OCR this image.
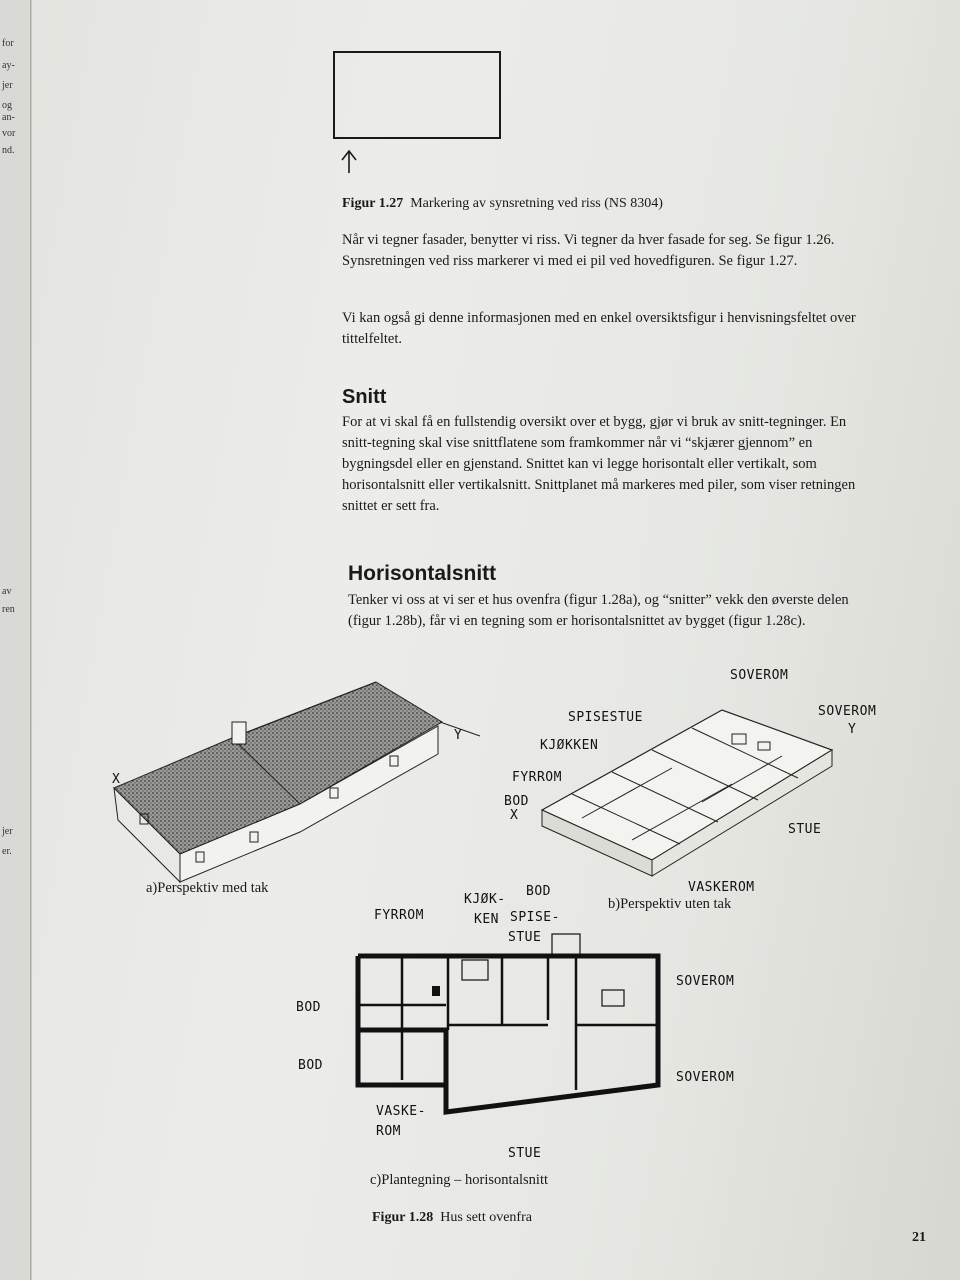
for
ay-
jer
og
an-
vor
nd.
av
ren
jer
er.
Figur 1.27 Markering av synsretning ved riss (NS 8304)
Når vi tegner fasader, benytter vi riss. Vi tegner da hver fasade for seg. Se figur 1.26. Synsretningen ved riss markerer vi med ei pil ved hovedfiguren. Se figur 1.27.
Vi kan også gi denne informasjonen med en enkel oversiktsfigur i henvisningsfeltet over tittelfeltet.
Snitt
For at vi skal få en fullstendig oversikt over et bygg, gjør vi bruk av snitt-tegninger. En snitt-tegning skal vise snittflatene som framkommer når vi “skjærer gjennom” en bygningsdel eller en gjenstand. Snittet kan vi legge horisontalt eller vertikalt, som horisontalsnitt eller vertikalsnitt. Snittplanet må markeres med piler, som viser retningen snittet er sett fra.
Horisontalsnitt
Tenker vi oss at vi ser et hus ovenfra (figur 1.28a), og “snitter” vekk den øverste delen (figur 1.28b), får vi en tegning som er horisontalsnittet av bygget (figur 1.28c).
X
Y
a)Perspektiv med tak
SOVEROM
SOVEROM
SPISESTUE
KJØKKEN
FYRROM
BOD
X
Y
STUE
BOD	VASKEROM
b)Perspektiv uten tak
FYRROM
KJØK-
KEN SPISE-
STUE
SOVEROM
BOD
BOD
SOVEROM
VASKE-
ROM
STUE
c)Plantegning – horisontalsnitt
Figur 1.28 Hus sett ovenfra
21
